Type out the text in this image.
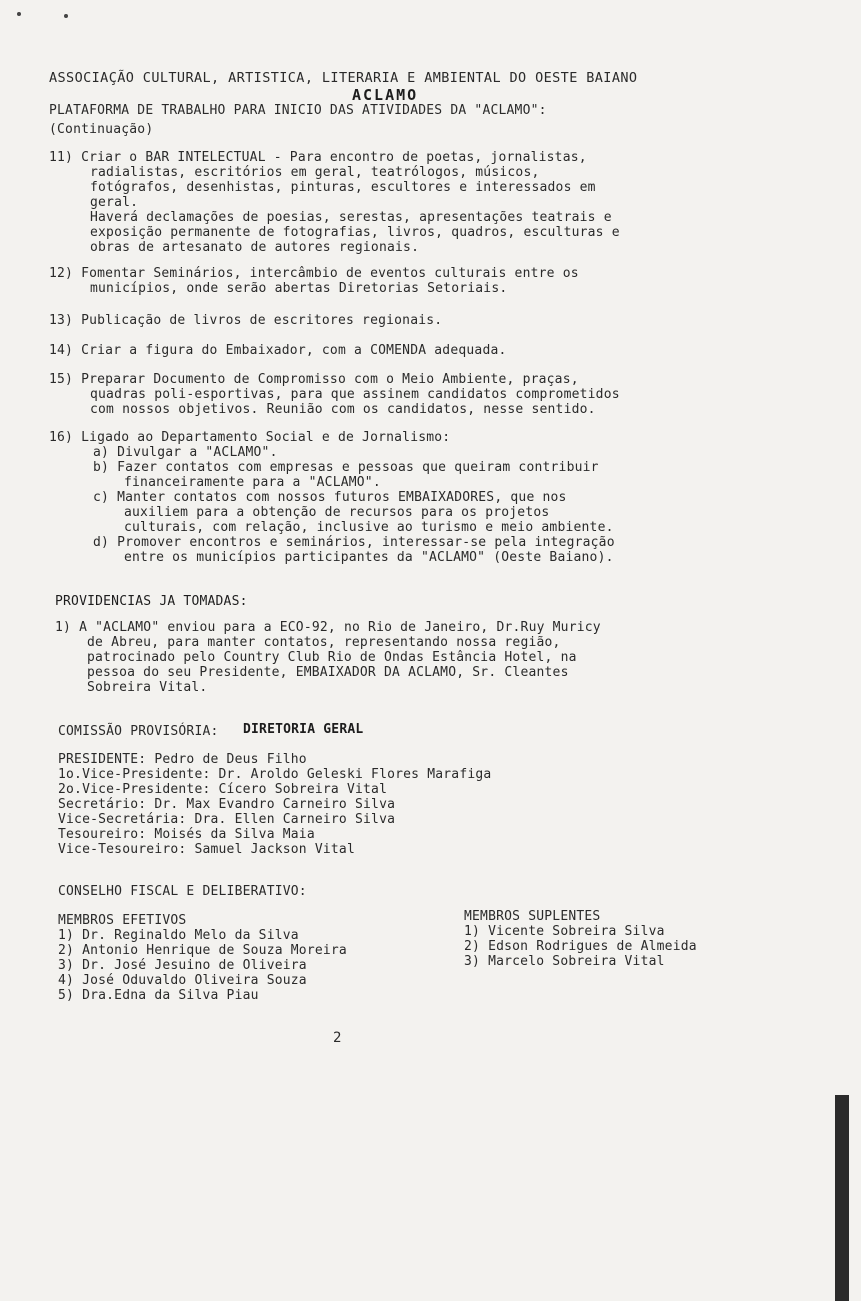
ASSOCIAÇÃO CULTURAL, ARTISTICA, LITERARIA E AMBIENTAL DO OESTE BAIANO
ACLAMO
PLATAFORMA DE TRABALHO PARA INICIO DAS ATIVIDADES DA "ACLAMO":
(Continuação)
11) Criar o BAR INTELECTUAL - Para encontro de poetas, jornalistas,
radialistas, escritórios em geral, teatrólogos, músicos,
fotógrafos, desenhistas, pinturas, escultores e interessados em
geral.
Haverá declamações de poesias, serestas, apresentações teatrais e
exposição permanente de fotografias, livros, quadros, esculturas e
obras de artesanato de autores regionais.
12) Fomentar Seminários, intercâmbio de eventos culturais entre os
municípios, onde serão abertas Diretorias Setoriais.
13) Publicação de livros de escritores regionais.
14) Criar a figura do Embaixador, com a COMENDA adequada.
15) Preparar Documento de Compromisso com o Meio Ambiente, praças,
quadras poli-esportivas, para que assinem candidatos comprometidos
com nossos objetivos. Reunião com os candidatos, nesse sentido.
16) Ligado ao Departamento Social e de Jornalismo:
a) Divulgar a "ACLAMO".
b) Fazer contatos com empresas e pessoas que queiram contribuir
financeiramente para a "ACLAMO".
c) Manter contatos com nossos futuros EMBAIXADORES, que nos
auxiliem para a obtenção de recursos para os projetos
culturais, com relação, inclusive ao turismo e meio ambiente.
d) Promover encontros e seminários, interessar-se pela integração
entre os municípios participantes da "ACLAMO" (Oeste Baiano).
PROVIDENCIAS JA TOMADAS:
1) A "ACLAMO" enviou para a ECO-92, no Rio de Janeiro, Dr.Ruy Muricy
de Abreu, para manter contatos, representando nossa região,
patrocinado pelo Country Club Rio de Ondas Estância Hotel, na
pessoa do seu Presidente, EMBAIXADOR DA ACLAMO, Sr. Cleantes
Sobreira Vital.
COMISSÃO PROVISÓRIA: DIRETORIA GERAL
PRESIDENTE: Pedro de Deus Filho
1o.Vice-Presidente: Dr. Aroldo Geleski Flores Marafiga
2o.Vice-Presidente: Cícero Sobreira Vital
Secretário: Dr. Max Evandro Carneiro Silva
Vice-Secretária: Dra. Ellen Carneiro Silva
Tesoureiro: Moisés da Silva Maia
Vice-Tesoureiro: Samuel Jackson Vital
CONSELHO FISCAL E DELIBERATIVO:
MEMBROS EFETIVOS
1) Dr. Reginaldo Melo da Silva
2) Antonio Henrique de Souza Moreira
3) Dr. José Jesuino de Oliveira
4) José Oduvaldo Oliveira Souza
5) Dra.Edna da Silva Piau
MEMBROS SUPLENTES
1) Vicente Sobreira Silva
2) Edson Rodrigues de Almeida
3) Marcelo Sobreira Vital
2
